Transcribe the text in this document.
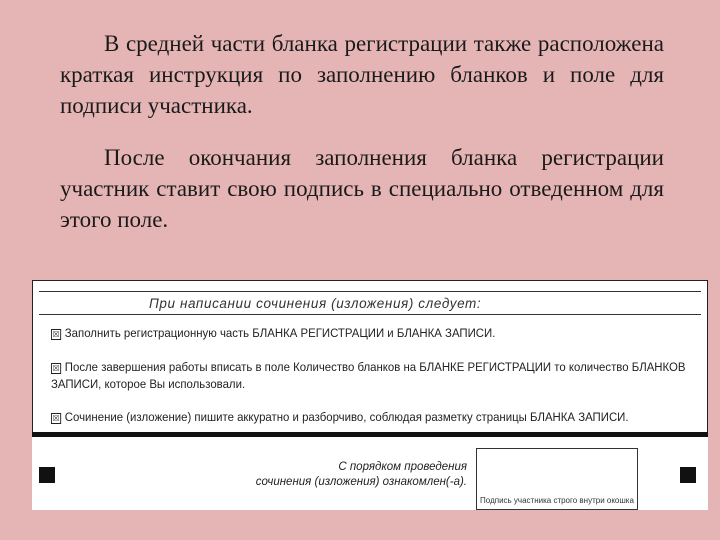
В средней части бланка регистрации также расположена краткая инструкция по заполнению бланков и поле для подписи участника.

После окончания заполнения бланка регистрации участник ставит свою подпись в специально отведенном для этого поле.

При написании сочинения (изложения) следует:
☒ Заполнить регистрационную часть БЛАНКА РЕГИСТРАЦИИ и БЛАНКА ЗАПИСИ.
☒ После завершения работы вписать в поле Количество бланков на БЛАНКЕ РЕГИСТРАЦИИ то количество БЛАНКОВ ЗАПИСИ, которое Вы использовали.
☒ Сочинение (изложение) пишите аккуратно и разборчиво, соблюдая разметку страницы БЛАНКА ЗАПИСИ.
С порядком проведения
сочинения (изложения) ознакомлен(-а).
Подпись участника строго внутри окошка
